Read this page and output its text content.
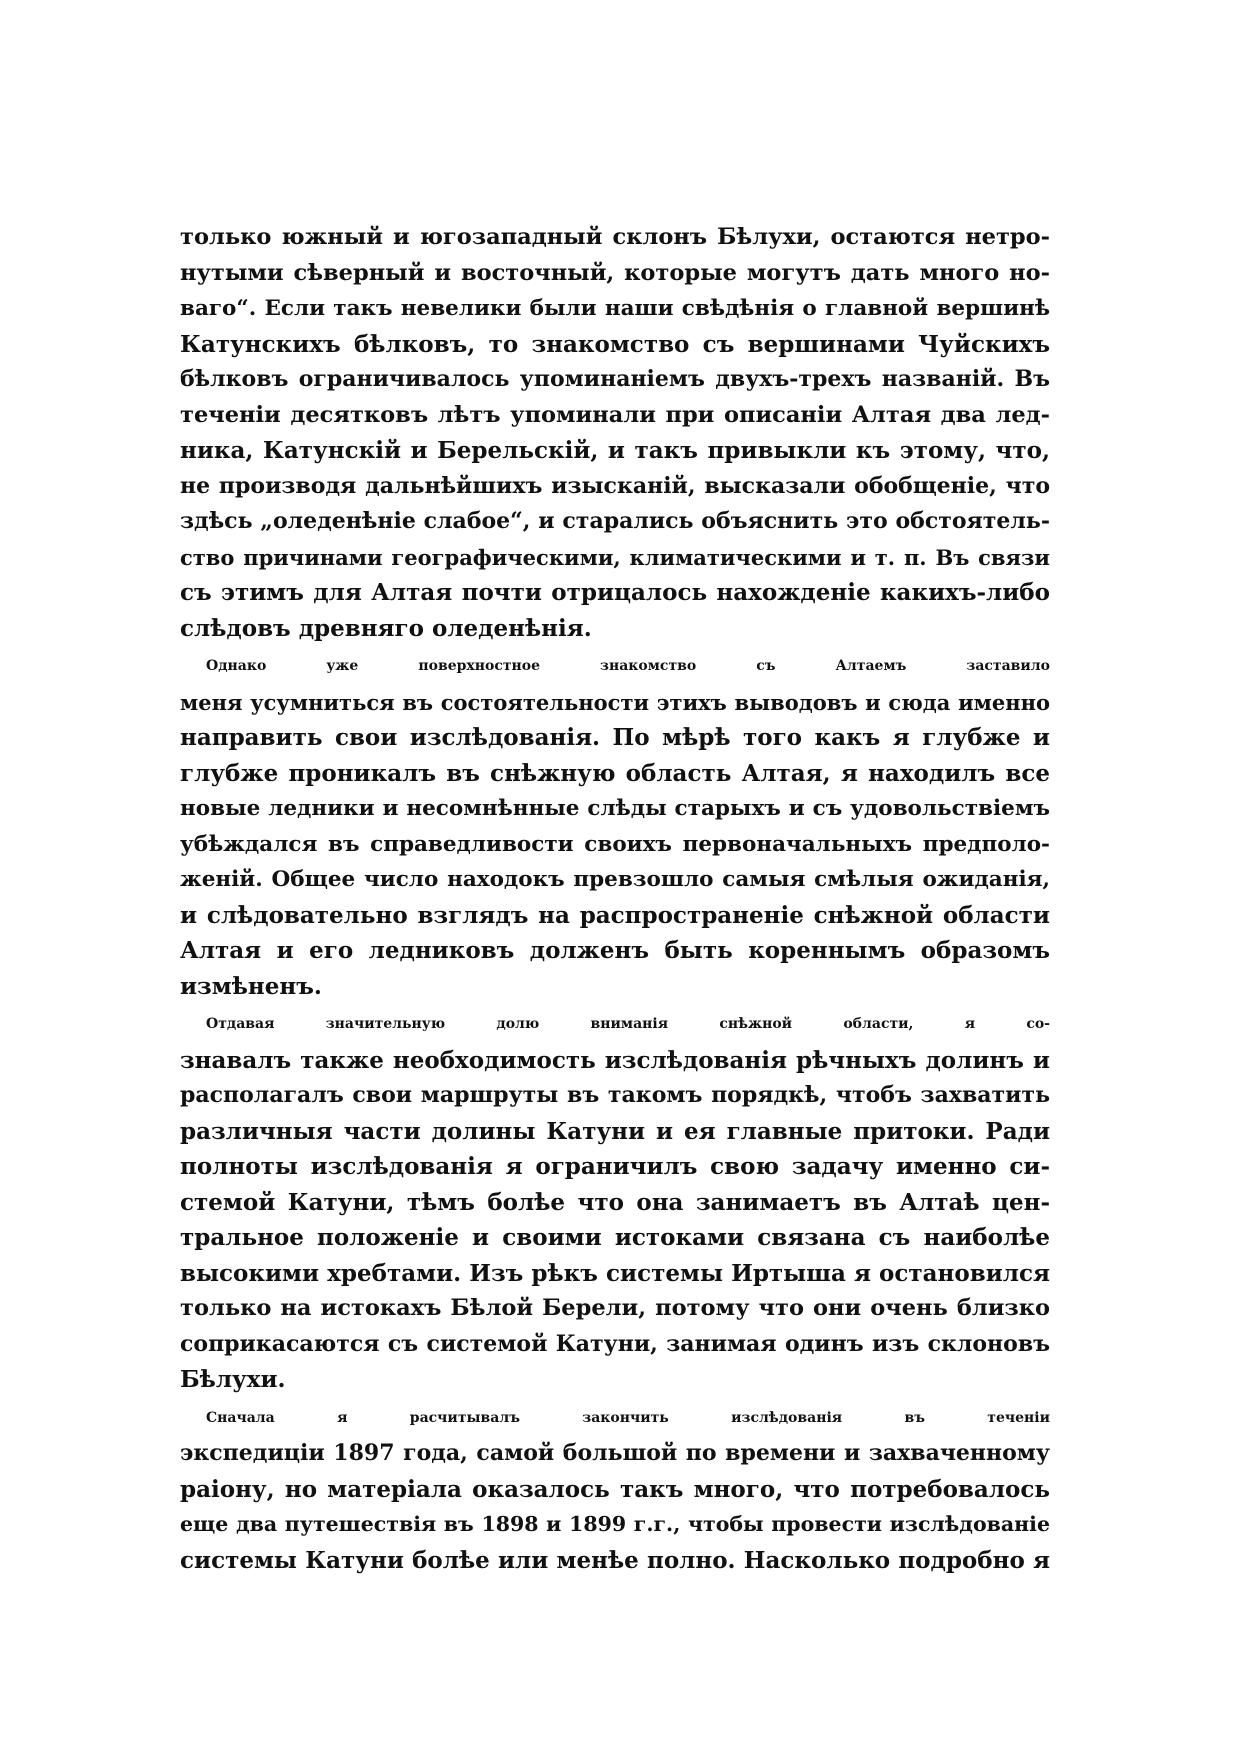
только южный и югозападный склонъ Бѣлухи, остаются нетро-
нутыми сѣверный и восточный, которые могутъ дать много но-
ваго“. Если такъ невелики были наши свѣдѣнія о главной вершинѣ
Катунскихъ бѣлковъ, то знакомство съ вершинами Чуйскихъ
бѣлковъ ограничивалось упоминаніемъ двухъ-трехъ названій. Въ
теченіи десятковъ лѣтъ упоминали при описаніи Алтая два лед-
ника, Катунскій и Берельскій, и такъ привыкли къ этому, что,
не производя дальнѣйшихъ изысканій, высказали обобщеніе, что
здѣсь „оледенѣніе слабое“, и старались объяснить это обстоятель-
ство причинами географическими, климатическими и т. п. Въ связи
съ этимъ для Алтая почти отрицалось нахожденіе какихъ-либо
слѣдовъ древняго оледенѣнія.
Однако уже поверхностное знакомство съ Алтаемъ заставило
меня усумниться въ состоятельности этихъ выводовъ и сюда именно
направить свои изслѣдованія. По мѣрѣ того какъ я глубже и
глубже проникалъ въ снѣжную область Алтая, я находилъ все
новые ледники и несомнѣнные слѣды старыхъ и съ удовольствіемъ
убѣждался въ справедливости своихъ первоначальныхъ предполо-
женій. Общее число находокъ превзошло самыя смѣлыя ожиданія,
и слѣдовательно взглядъ на распространеніе снѣжной области
Алтая и его ледниковъ долженъ быть кореннымъ образомъ
измѣненъ.
Отдавая значительную долю вниманія снѣжной области, я со-
знавалъ также необходимость изслѣдованія рѣчныхъ долинъ и
располагалъ свои маршруты въ такомъ порядкѣ, чтобъ захватить
различныя части долины Катуни и ея главные притоки. Ради
полноты изслѣдованія я ограничилъ свою задачу именно си-
стемой Катуни, тѣмъ болѣе что она занимаетъ въ Алтаѣ цен-
тральное положеніе и своими истоками связана съ наиболѣе
высокими хребтами. Изъ рѣкъ системы Иртыша я остановился
только на истокахъ Бѣлой Берели, потому что они очень близко
соприкасаются съ системой Катуни, занимая одинъ изъ склоновъ
Бѣлухи.
Сначала я расчитывалъ закончить изслѣдованія въ теченіи
экспедиціи 1897 года, самой большой по времени и захваченному
раіону, но матеріала оказалось такъ много, что потребовалось
еще два путешествія въ 1898 и 1899 г.г., чтобы провести изслѣдованіе
системы Катуни болѣе или менѣе полно. Насколько подробно я
